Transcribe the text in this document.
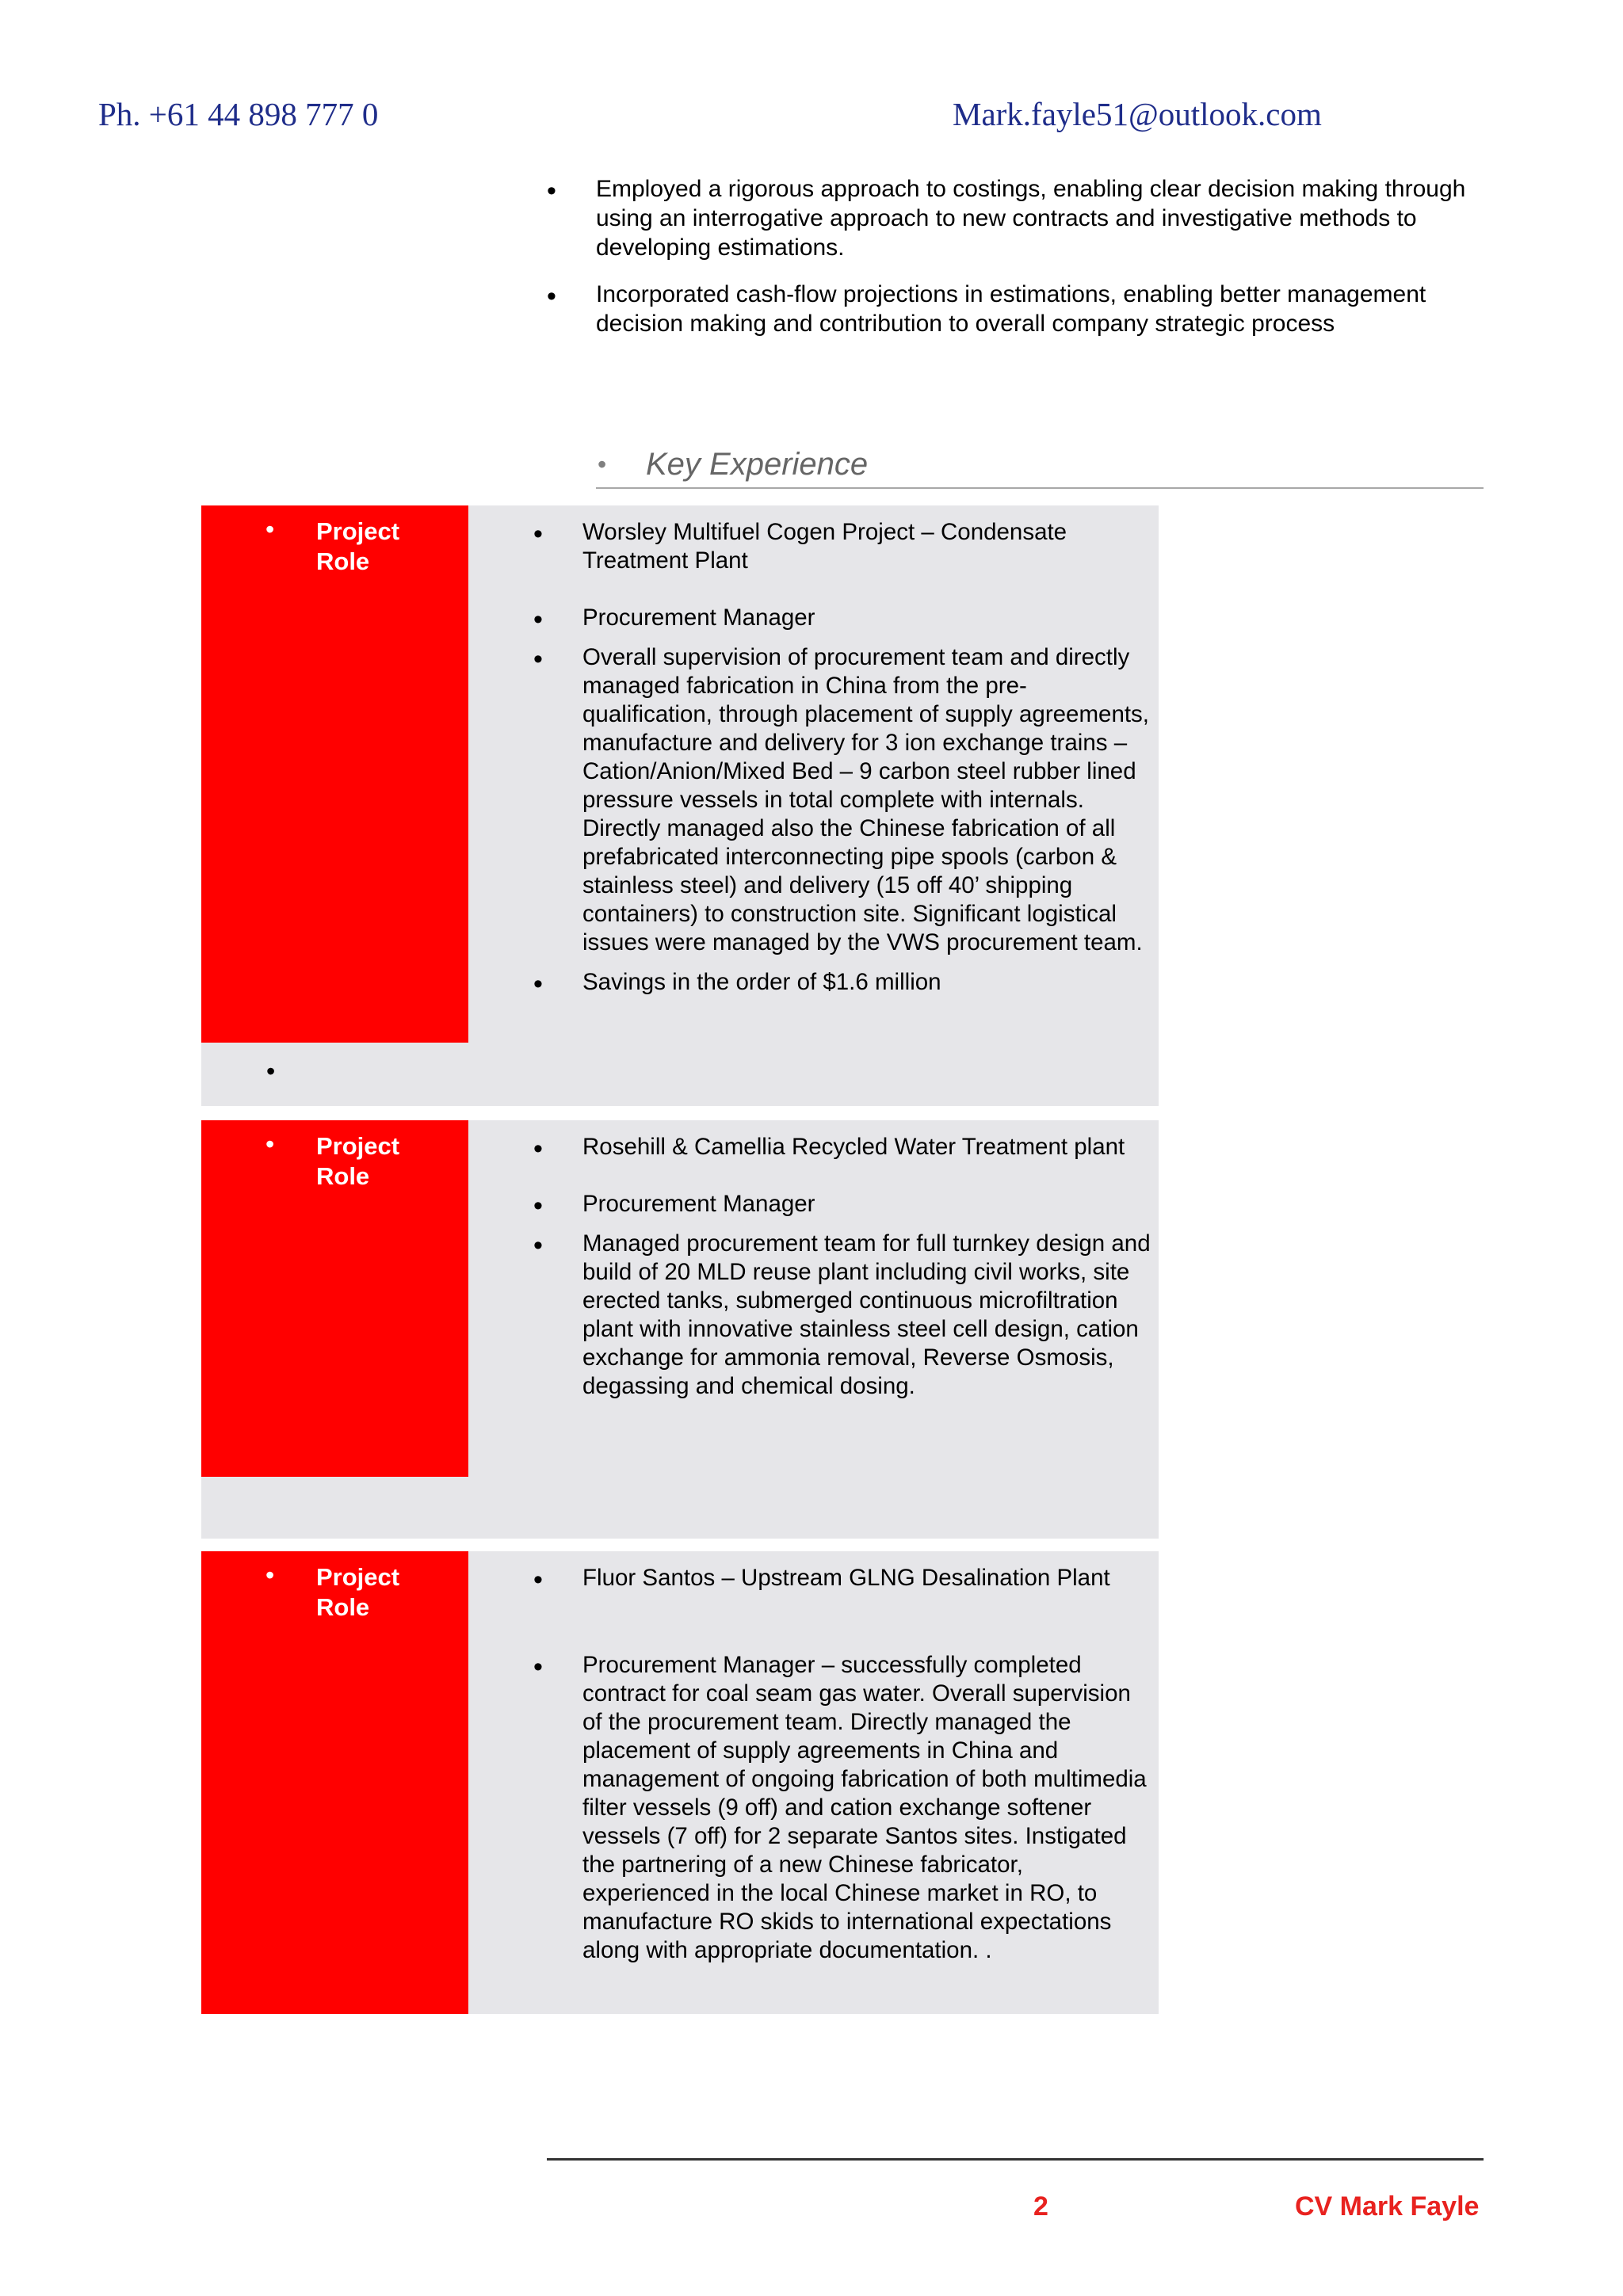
Ph. +61 44 898 777 0	Mark.fayle51@outlook.com
• Employed a rigorous approach to costings, enabling clear decision making through using an interrogative approach to new contracts and investigative methods to developing estimations.
• Incorporated cash-flow projections in estimations, enabling better management decision making and contribution to overall company strategic process
• Key Experience
• Project Role
•
• Worsley Multifuel Cogen Project – Condensate Treatment Plant
• Procurement Manager
• Overall supervision of procurement team and directly managed fabrication in China from the pre-qualification, through placement of supply agreements, manufacture and delivery for 3 ion exchange trains – Cation/Anion/Mixed Bed – 9 carbon steel rubber lined pressure vessels in total complete with internals. Directly managed also the Chinese fabrication of all prefabricated interconnecting pipe spools (carbon & stainless steel) and delivery (15 off 40’ shipping containers) to construction site. Significant logistical issues were managed by the VWS procurement team.
• Savings in the order of $1.6 million
• Project Role
• Rosehill & Camellia Recycled Water Treatment plant
• Procurement Manager
• Managed procurement team for full turnkey design and build of 20 MLD reuse plant including civil works, site erected tanks, submerged continuous microfiltration plant with innovative stainless steel cell design, cation exchange for ammonia removal, Reverse Osmosis, degassing and chemical dosing.
• Project Role
• Fluor Santos – Upstream GLNG Desalination Plant
• Procurement Manager – successfully completed contract for coal seam gas water. Overall supervision of the procurement team. Directly managed the placement of supply agreements in China and management of ongoing fabrication of both multimedia filter vessels (9 off) and cation exchange softener vessels (7 off) for 2 separate Santos sites. Instigated the partnering of a new Chinese fabricator, experienced in the local Chinese market in RO, to manufacture RO skids to international expectations along with appropriate documentation. .
2	CV Mark Fayle
